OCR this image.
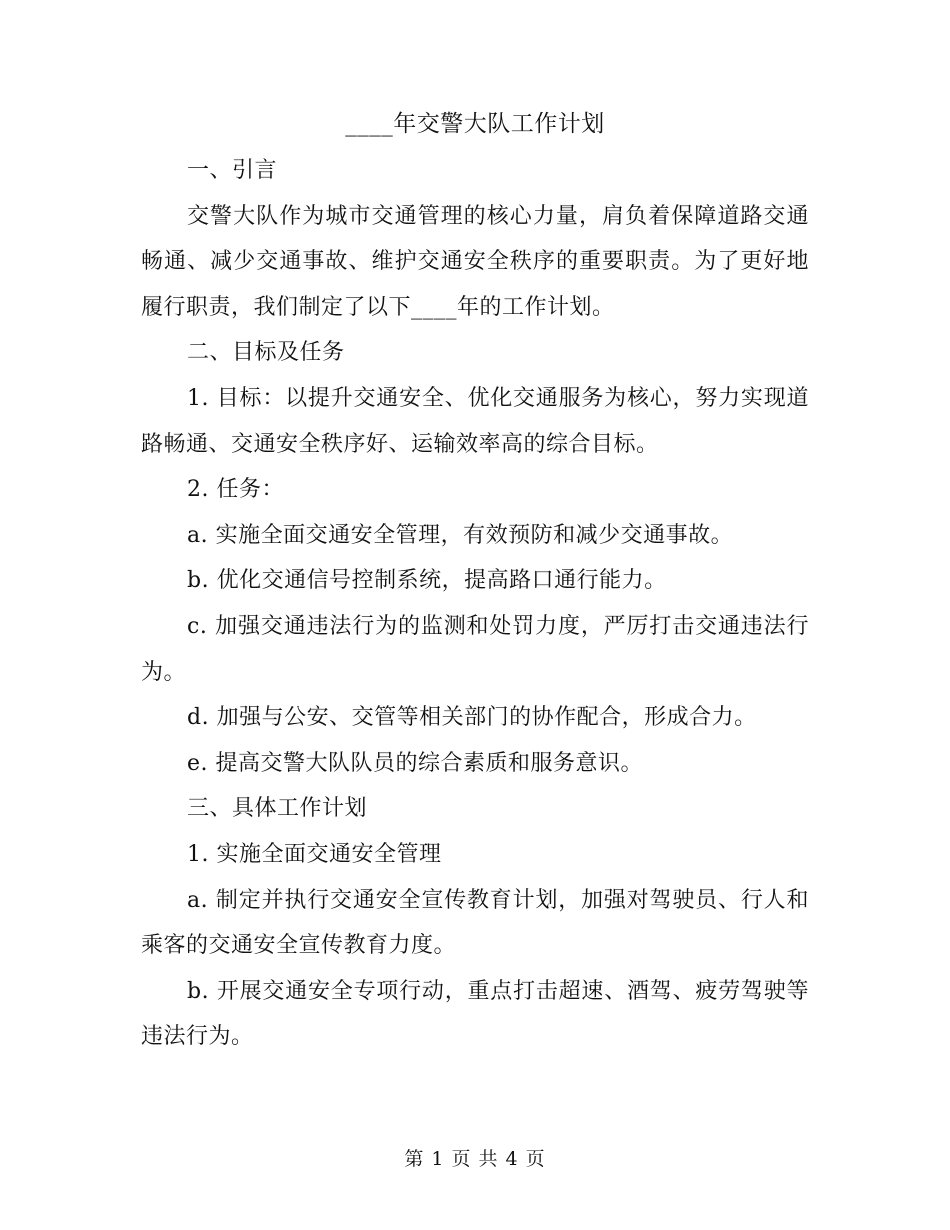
____年交警大队工作计划

一、引言

交警大队作为城市交通管理的核心力量，肩负着保障道路交通畅通、减少交通事故、维护交通安全秩序的重要职责。为了更好地履行职责，我们制定了以下____年的工作计划。

二、目标及任务

1. 目标：以提升交通安全、优化交通服务为核心，努力实现道路畅通、交通安全秩序好、运输效率高的综合目标。

2. 任务：

a. 实施全面交通安全管理，有效预防和减少交通事故。

b. 优化交通信号控制系统，提高路口通行能力。

c. 加强交通违法行为的监测和处罚力度，严厉打击交通违法行为。

d. 加强与公安、交管等相关部门的协作配合，形成合力。

e. 提高交警大队队员的综合素质和服务意识。

三、具体工作计划

1. 实施全面交通安全管理

a. 制定并执行交通安全宣传教育计划，加强对驾驶员、行人和乘客的交通安全宣传教育力度。

b. 开展交通安全专项行动，重点打击超速、酒驾、疲劳驾驶等违法行为。

第 1 页 共 4 页
